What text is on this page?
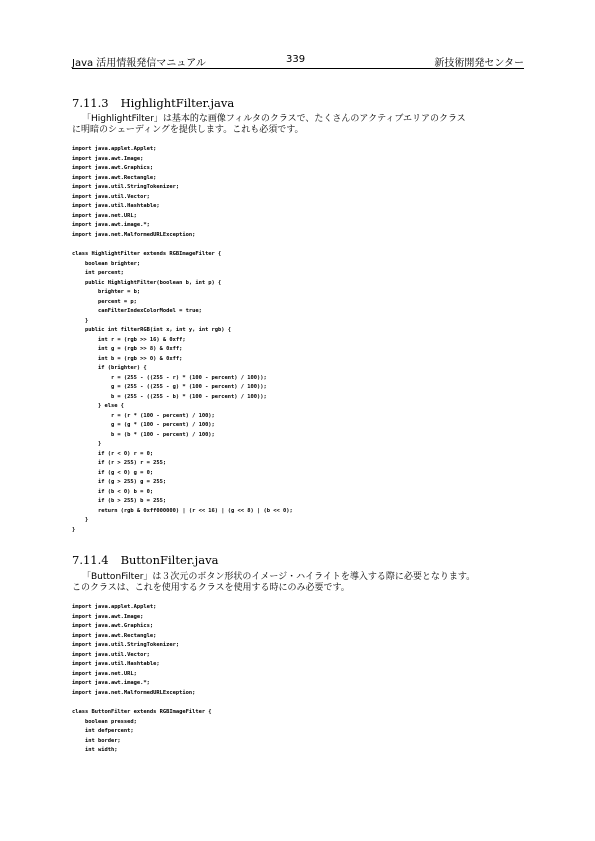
Java 活用情報発信マニュアル	339	新技術開発センター
7.11.3 HighlightFilter.java
「HighlightFilter」は基本的な画像フィルタのクラスで、たくさんのアクティブエリアのクラス
に明暗のシェーディングを提供します。これも必須です。
import java.applet.Applet;
import java.awt.Image;
import java.awt.Graphics;
import java.awt.Rectangle;
import java.util.StringTokenizer;
import java.util.Vector;
import java.util.Hashtable;
import java.net.URL;
import java.awt.image.*;
import java.net.MalformedURLException;
class HighlightFilter extends RGBImageFilter {
boolean brighter;
int percent;
public HighlightFilter(boolean b, int p) {
brighter = b;
percent = p;
canFilterIndexColorModel = true;
}
public int filterRGB(int x, int y, int rgb) {
int r = (rgb >> 16) & 0xff;
int g = (rgb >> 8) & 0xff;
int b = (rgb >> 0) & 0xff;
if (brighter) {
r = (255 - ((255 - r) * (100 - percent) / 100));
g = (255 - ((255 - g) * (100 - percent) / 100));
b = (255 - ((255 - b) * (100 - percent) / 100));
} else {
r = (r * (100 - percent) / 100);
g = (g * (100 - percent) / 100);
b = (b * (100 - percent) / 100);
}
if (r < 0) r = 0;
if (r > 255) r = 255;
if (g < 0) g = 0;
if (g > 255) g = 255;
if (b < 0) b = 0;
if (b > 255) b = 255;
return (rgb & 0xff000000) | (r << 16) | (g << 8) | (b << 0);
}
}
7.11.4 ButtonFilter.java
「ButtonFilter」は３次元のボタン形状のイメージ・ハイライトを導入する際に必要となります。
このクラスは、これを使用するクラスを使用する時にのみ必要です。
import java.applet.Applet;
import java.awt.Image;
import java.awt.Graphics;
import java.awt.Rectangle;
import java.util.StringTokenizer;
import java.util.Vector;
import java.util.Hashtable;
import java.net.URL;
import java.awt.image.*;
import java.net.MalformedURLException;
class ButtonFilter extends RGBImageFilter {
boolean pressed;
int defpercent;
int border;
int width;
